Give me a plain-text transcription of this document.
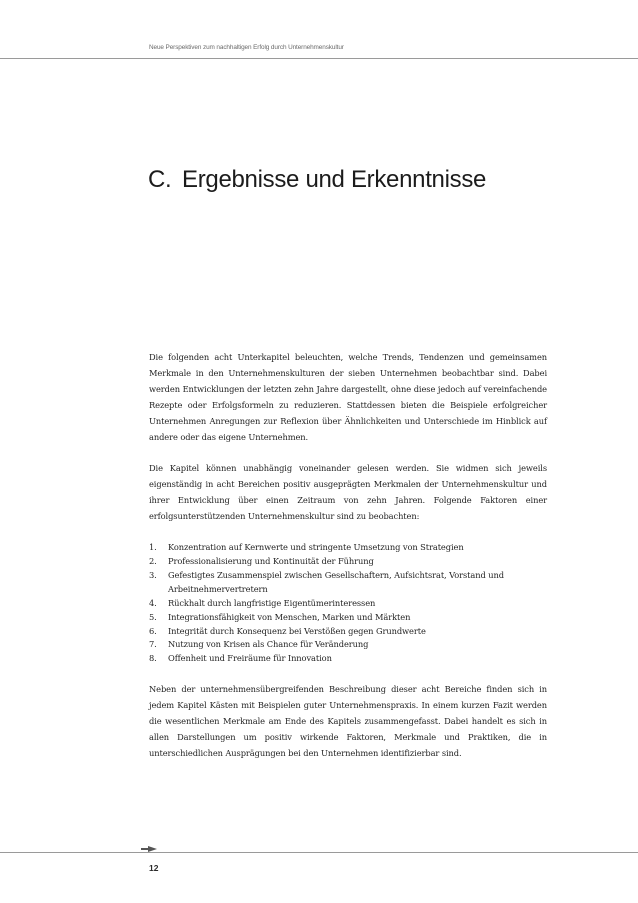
Neue Perspektiven zum nachhaltigen Erfolg durch Unternehmenskultur
C. Ergebnisse und Erkenntnisse

Die folgenden acht Unterkapitel beleuchten, welche Trends, Tendenzen und gemeinsamen Merkmale in den Unternehmenskulturen der sieben Unternehmen beobachtbar sind. Dabei werden Entwicklungen der letzten zehn Jahre dargestellt, ohne diese jedoch auf vereinfachende Rezepte oder Erfolgsformeln zu reduzieren. Stattdessen bieten die Beispiele erfolgreicher Unternehmen Anregungen zur Reflexion über Ähnlichkeiten und Unterschiede im Hinblick auf andere oder das eigene Unternehmen.

Die Kapitel können unabhängig voneinander gelesen werden. Sie widmen sich jeweils eigenständig in acht Bereichen positiv ausgeprägten Merkmalen der Unternehmenskultur und ihrer Entwicklung über einen Zeitraum von zehn Jahren. Folgende Faktoren einer erfolgsunterstützenden Unternehmenskultur sind zu beobachten:

1. Konzentration auf Kernwerte und stringente Umsetzung von Strategien
2. Professionalisierung und Kontinuität der Führung
3. Gefestigtes Zusammenspiel zwischen Gesellschaftern, Aufsichtsrat, Vorstand und Arbeitnehmervertretern
4. Rückhalt durch langfristige Eigentümerinteressen
5. Integrationsfähigkeit von Menschen, Marken und Märkten
6. Integrität durch Konsequenz bei Verstößen gegen Grundwerte
7. Nutzung von Krisen als Chance für Veränderung
8. Offenheit und Freiräume für Innovation

Neben der unternehmensübergreifenden Beschreibung dieser acht Bereiche finden sich in jedem Kapitel Kästen mit Beispielen guter Unternehmenspraxis. In einem kurzen Fazit werden die wesentlichen Merkmale am Ende des Kapitels zusammengefasst. Dabei handelt es sich in allen Darstellungen um positiv wirkende Faktoren, Merkmale und Praktiken, die in unterschiedlichen Ausprägungen bei den Unternehmen identifizierbar sind.

12
